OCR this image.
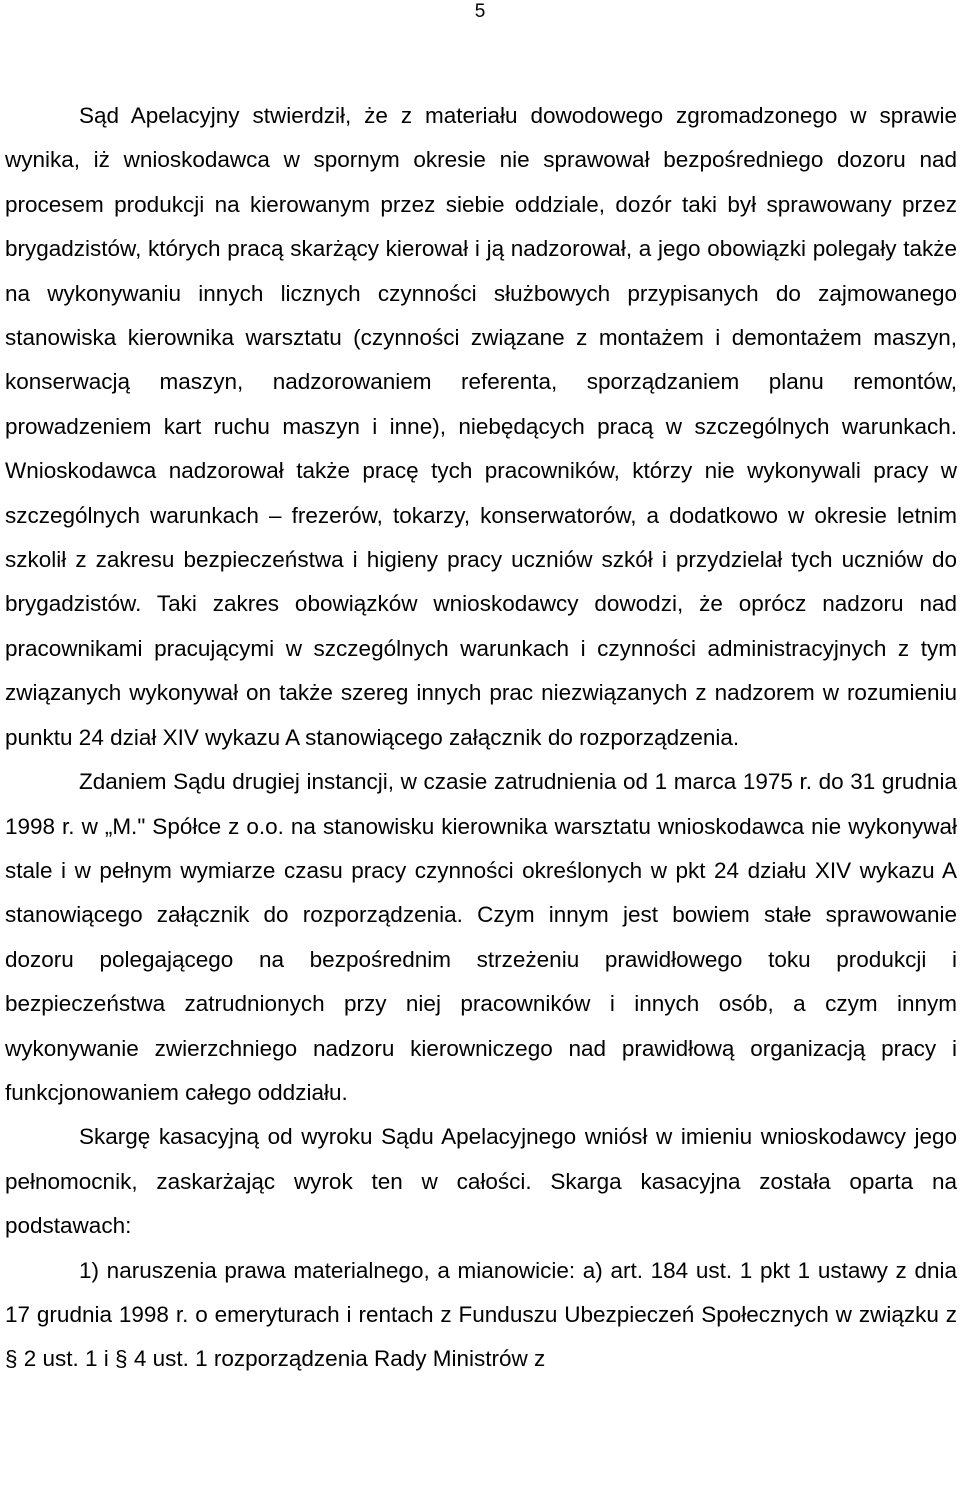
5

Sąd Apelacyjny stwierdził, że z materiału dowodowego zgromadzonego w sprawie wynika, iż wnioskodawca w spornym okresie nie sprawował bezpośredniego dozoru nad procesem produkcji na kierowanym przez siebie oddziale, dozór taki był sprawowany przez brygadzistów, których pracą skarżący kierował i ją nadzorował, a jego obowiązki polegały także na wykonywaniu innych licznych czynności służbowych przypisanych do zajmowanego stanowiska kierownika warsztatu (czynności związane z montażem i demontażem maszyn, konserwacją maszyn, nadzorowaniem referenta, sporządzaniem planu remontów, prowadzeniem kart ruchu maszyn i inne), niebędących pracą w szczególnych warunkach. Wnioskodawca nadzorował także pracę tych pracowników, którzy nie wykonywali pracy w szczególnych warunkach – frezerów, tokarzy, konserwatorów, a dodatkowo w okresie letnim szkolił z zakresu bezpieczeństwa i higieny pracy uczniów szkół i przydzielał tych uczniów do brygadzistów. Taki zakres obowiązków wnioskodawcy dowodzi, że oprócz nadzoru nad pracownikami pracującymi w szczególnych warunkach i czynności administracyjnych z tym związanych wykonywał on także szereg innych prac niezwiązanych z nadzorem w rozumieniu punktu 24 dział XIV wykazu A stanowiącego załącznik do rozporządzenia.

Zdaniem Sądu drugiej instancji, w czasie zatrudnienia od 1 marca 1975 r. do 31 grudnia 1998 r. w „M." Spółce z o.o. na stanowisku kierownika warsztatu wnioskodawca nie wykonywał stale i w pełnym wymiarze czasu pracy czynności określonych w pkt 24 działu XIV wykazu A stanowiącego załącznik do rozporządzenia. Czym innym jest bowiem stałe sprawowanie dozoru polegającego na bezpośrednim strzeżeniu prawidłowego toku produkcji i bezpieczeństwa zatrudnionych przy niej pracowników i innych osób, a czym innym wykonywanie zwierzchniego nadzoru kierowniczego nad prawidłową organizacją pracy i funkcjonowaniem całego oddziału.

Skargę kasacyjną od wyroku Sądu Apelacyjnego wniósł w imieniu wnioskodawcy jego pełnomocnik, zaskarżając wyrok ten w całości. Skarga kasacyjna została oparta na podstawach:

1) naruszenia prawa materialnego, a mianowicie: a) art. 184 ust. 1 pkt 1 ustawy z dnia 17 grudnia 1998 r. o emeryturach i rentach z Funduszu Ubezpieczeń Społecznych w związku z § 2 ust. 1 i § 4 ust. 1 rozporządzenia Rady Ministrów z
